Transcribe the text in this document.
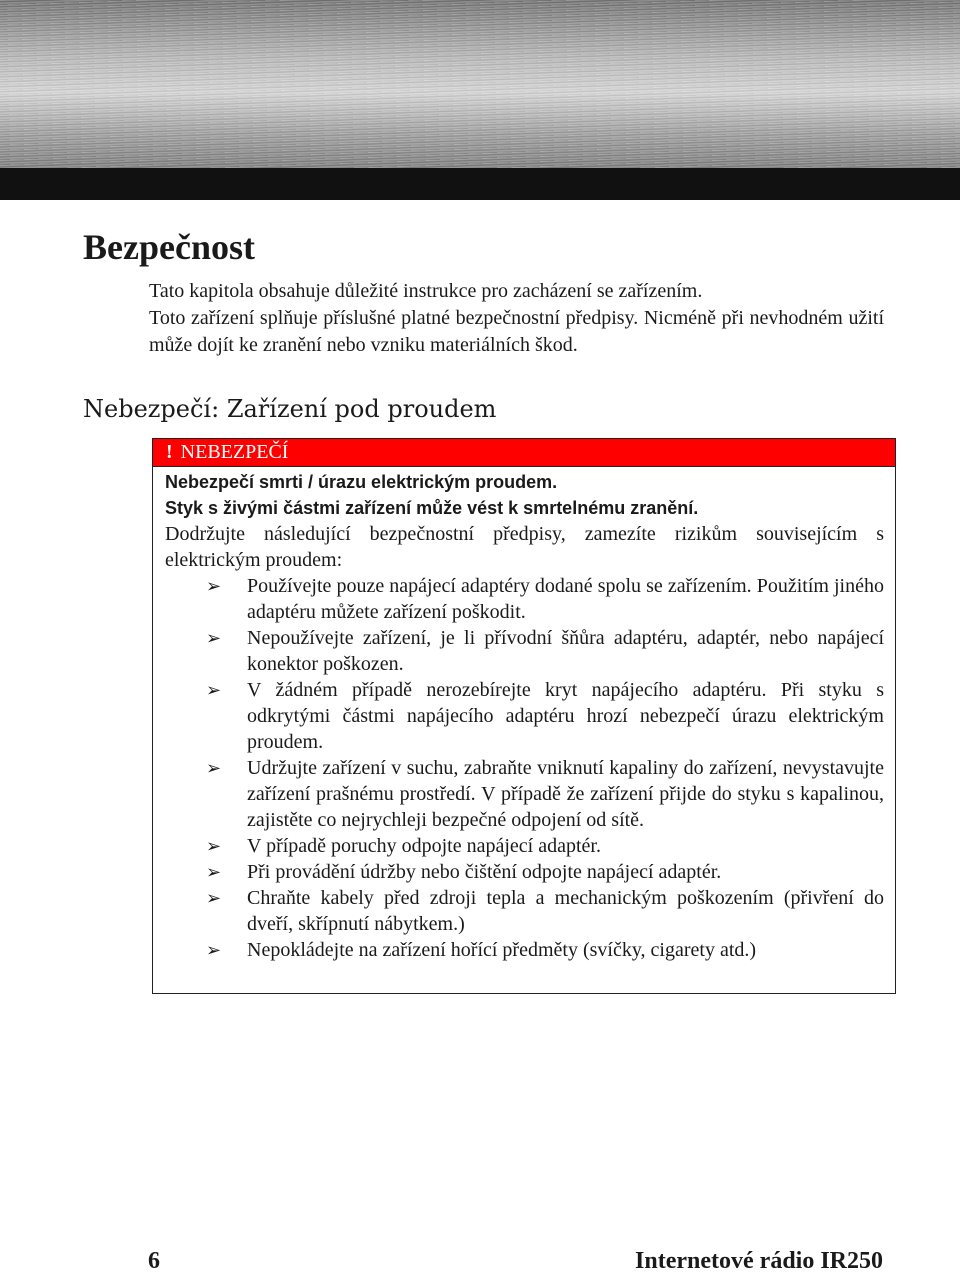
Bezpečnost

Tato kapitola obsahuje důležité instrukce pro zacházení se zařízením.

Toto zařízení splňuje příslušné platné bezpečnostní předpisy. Nicméně při nevhodném užití může dojít ke zranění nebo vzniku materiálních škod.

Nebezpečí: Zařízení pod proudem
! NEBEZPEČÍ

Nebezpečí smrti / úrazu elektrickým proudem.

Styk s živými částmi zařízení může vést k smrtelnému zranění.

Dodržujte následující bezpečnostní předpisy, zamezíte rizikům souvisejícím s elektrickým proudem:

➢ Používejte pouze napájecí adaptéry dodané spolu se zařízením. Použitím jiného adaptéru můžete zařízení poškodit.
➢ Nepoužívejte zařízení, je li přívodní šňůra adaptéru, adaptér, nebo napájecí konektor poškozen.
➢ V žádném případě nerozebírejte kryt napájecího adaptéru. Při styku s odkrytými částmi napájecího adaptéru hrozí nebezpečí úrazu elektrickým proudem.
➢ Udržujte zařízení v suchu, zabraňte vniknutí kapaliny do zařízení, nevystavujte zařízení prašnému prostředí. V případě že zařízení přijde do styku s kapalinou, zajistěte co nejrychleji bezpečné odpojení od sítě.
➢ V případě poruchy odpojte napájecí adaptér.
➢ Při provádění údržby nebo čištění odpojte napájecí adaptér.
➢ Chraňte kabely před zdroji tepla a mechanickým poškozením (přivření do dveří, skřípnutí nábytkem.)
➢ Nepokládejte na zařízení hořící předměty (svíčky, cigarety atd.)
6	Internetové rádio IR250
